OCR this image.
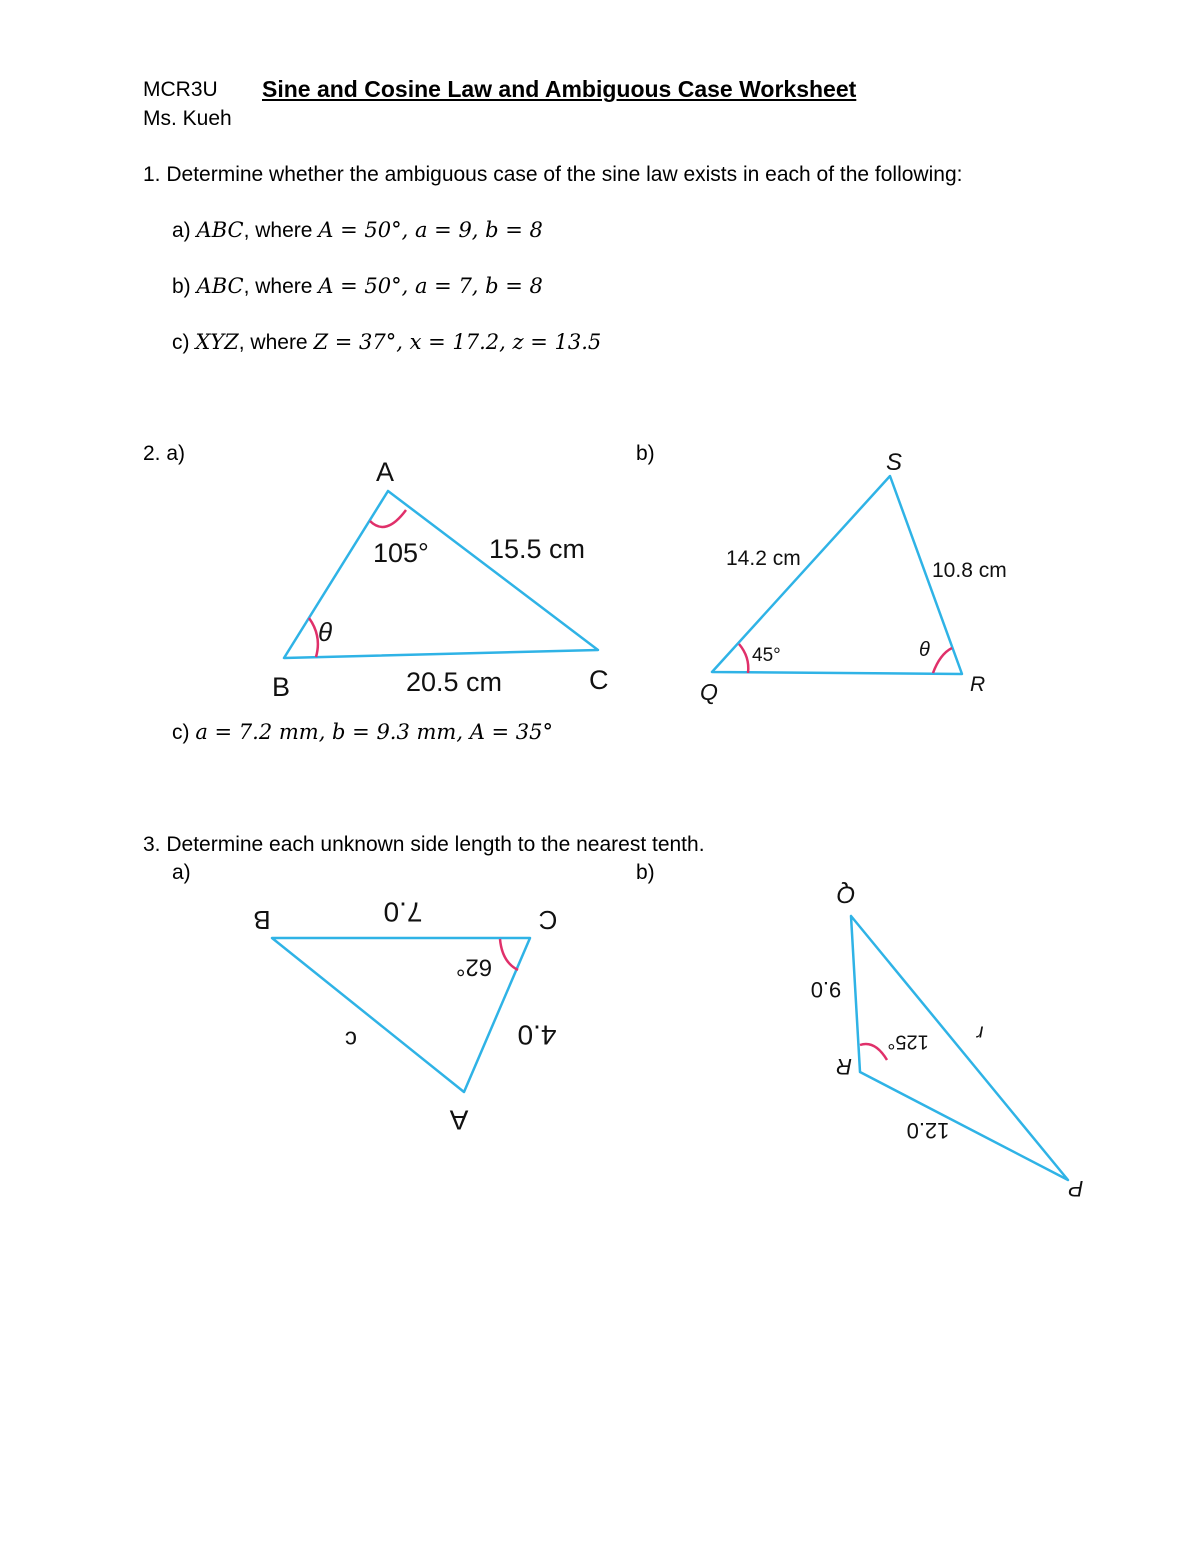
MCR3U
Ms. Kueh
Sine and Cosine Law and Ambiguous Case Worksheet
1. Determine whether the ambiguous case of the sine law exists in each of the following:
a) ABC, where A = 50°, a = 9, b = 8
b) ABC, where A = 50°, a = 7, b = 8
c) XYZ, where Z = 37°, x = 17.2, z = 13.5
2. a)	b)
c) a = 7.2 mm, b = 9.3 mm, A = 35°
3. Determine each unknown side length to the nearest tenth.
a)	b)
A
B	C
105°
θ
15.5 cm
20.5 cm
S
Q	R
14.2 cm
10.8 cm
45°	θ
B	C
A
7.0
4.0
62°
c
Q
R
P
9.0
12.0
125° r
